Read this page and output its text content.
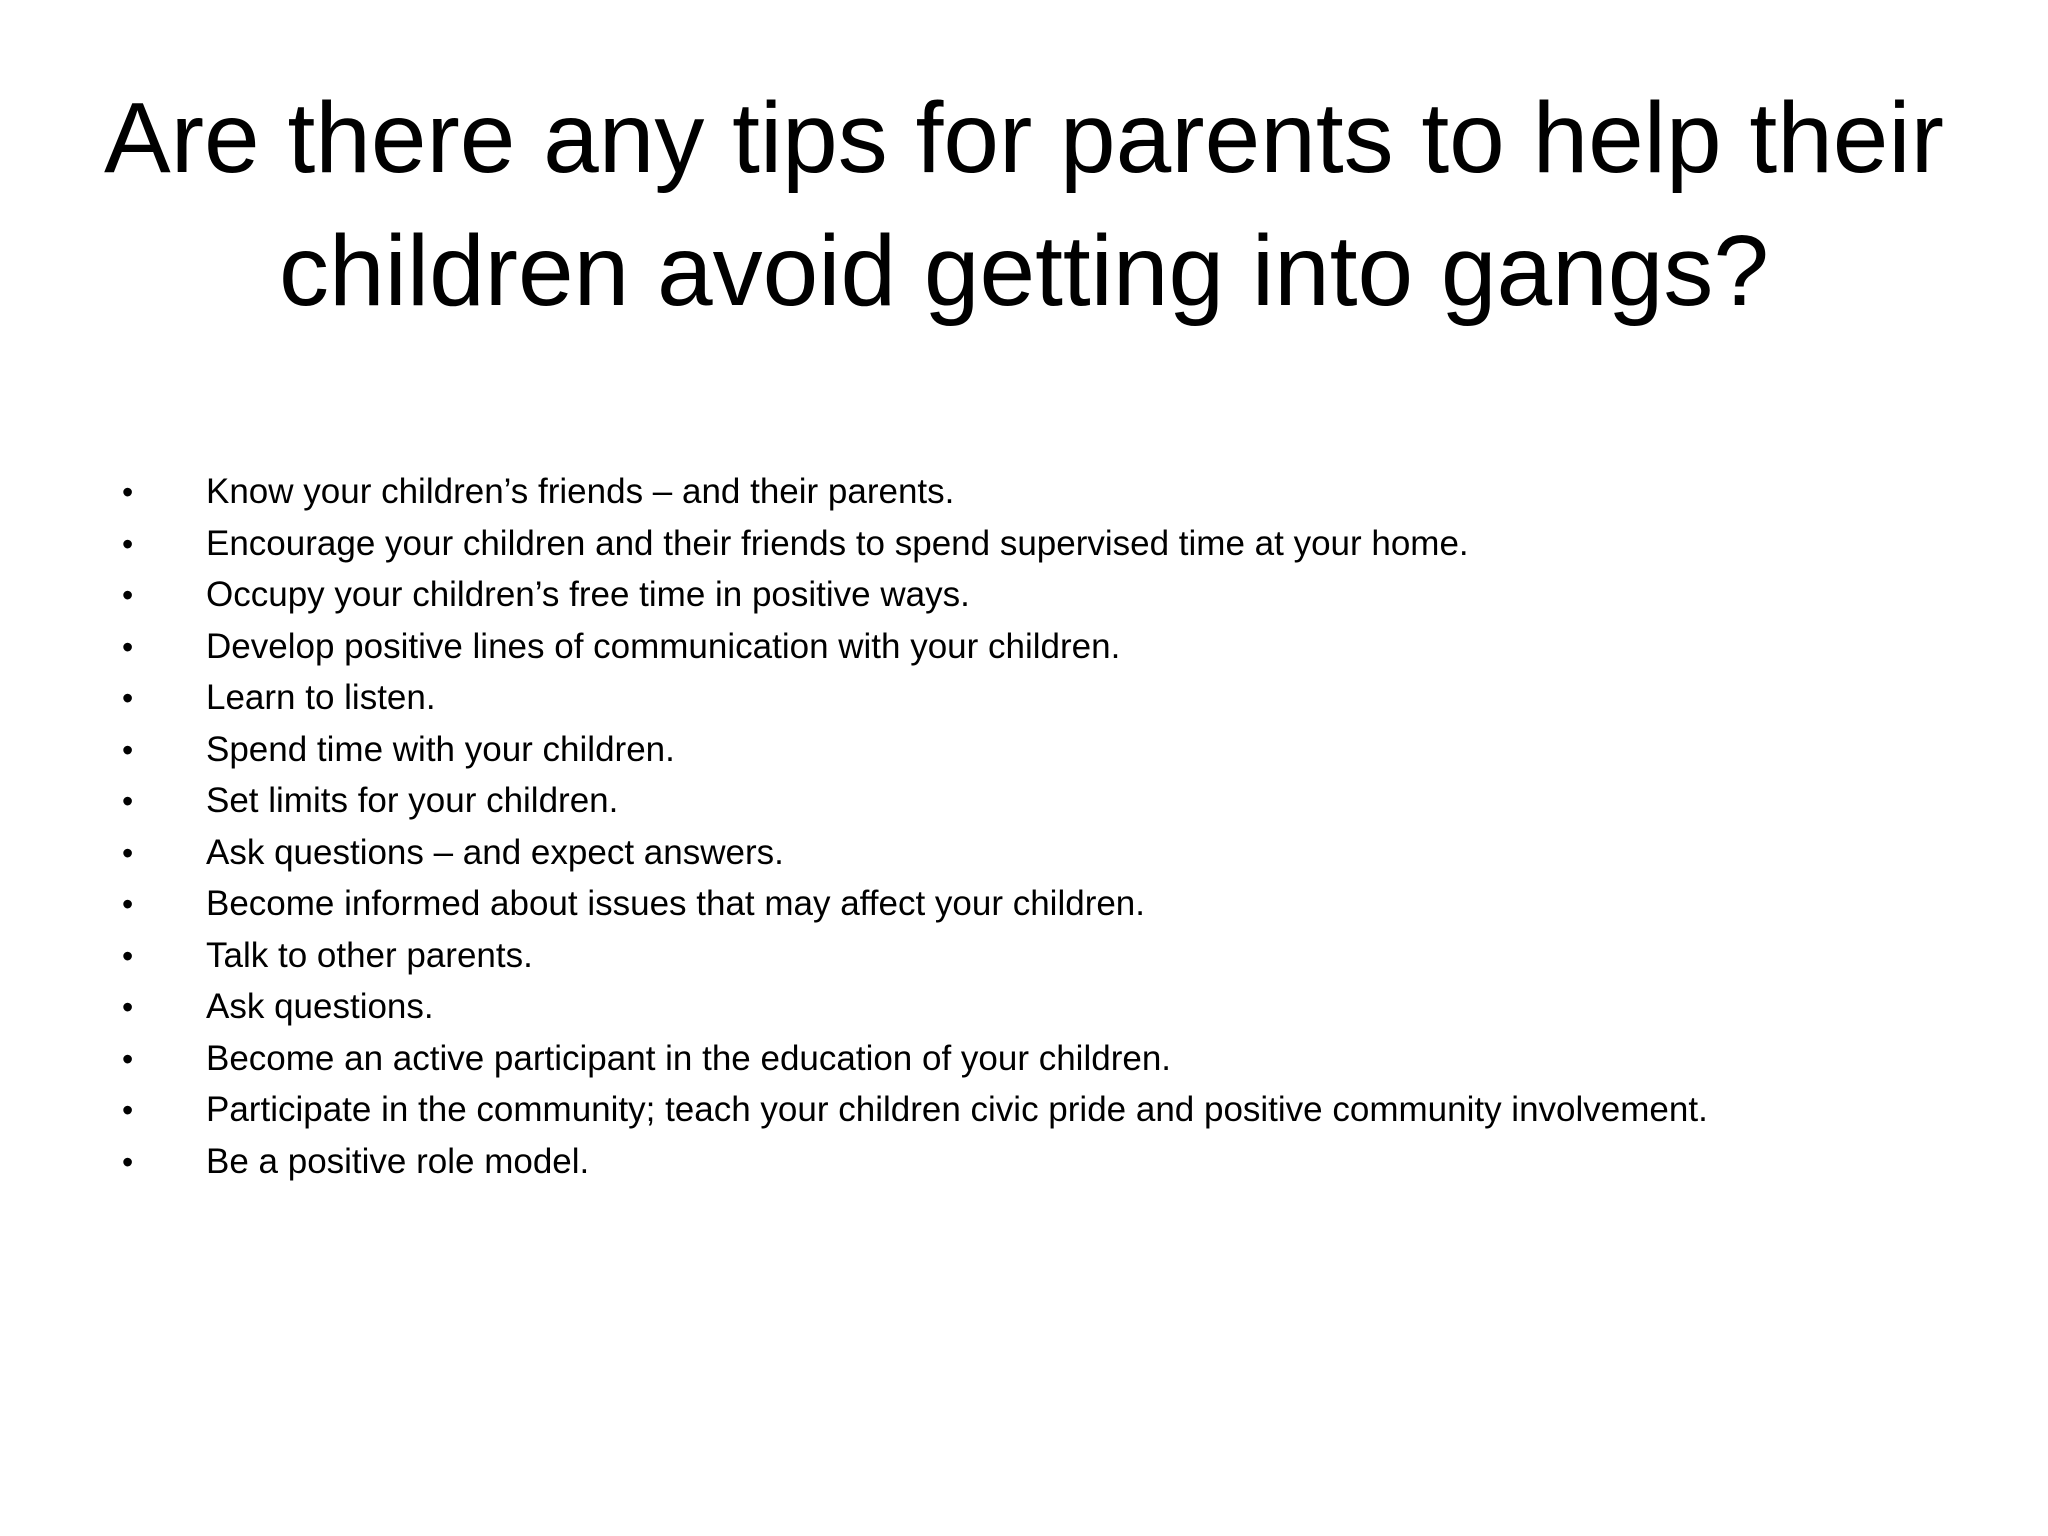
Are there any tips for parents to help their children avoid getting into gangs?
•	Know your children’s friends – and their parents.
•	Encourage your children and their friends to spend supervised time at your home.
•	Occupy your children’s free time in positive ways.
•	Develop positive lines of communication with your children.
•	Learn to listen.
•	Spend time with your children.
•	Set limits for your children.
•	Ask questions – and expect answers.
•	Become informed about issues that may affect your children.
•	Talk to other parents.
•	Ask questions.
•	Become an active participant in the education of your children.
•	Participate in the community; teach your children civic pride and positive community involvement.
•	Be a positive role model.
